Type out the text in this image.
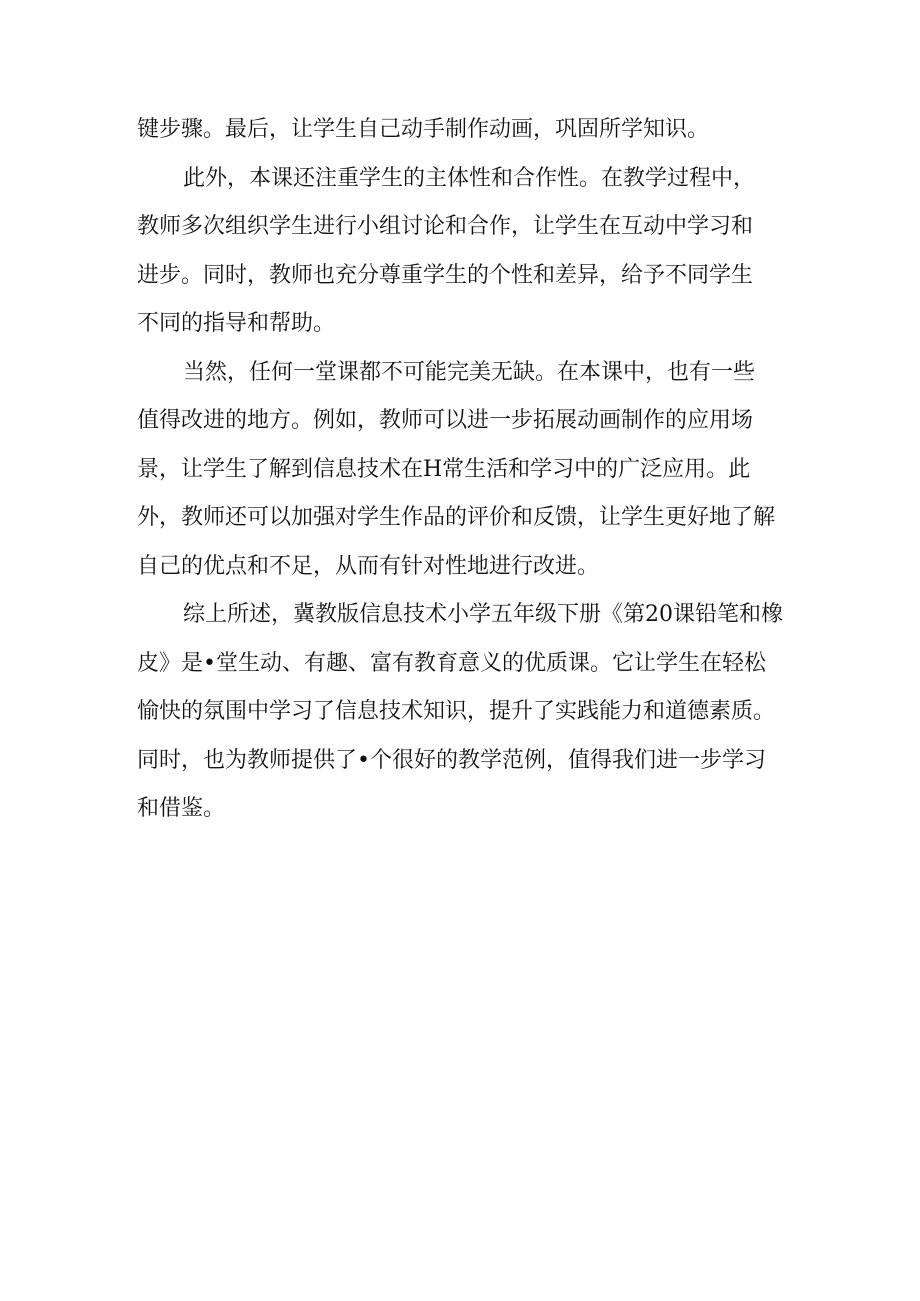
键步骤。最后，让学生自己动手制作动画，巩固所学知识。

此外，本课还注重学生的主体性和合作性。在教学过程中，
教师多次组织学生进行小组讨论和合作，让学生在互动中学习和
进步。同时，教师也充分尊重学生的个性和差异，给予不同学生
不同的指导和帮助。

当然，任何一堂课都不可能完美无缺。在本课中，也有一些
值得改进的地方。例如，教师可以进一步拓展动画制作的应用场
景，让学生了解到信息技术在H常生活和学习中的广泛应用。此
外，教师还可以加强对学生作品的评价和反馈，让学生更好地了解
自己的优点和不足，从而有针对性地进行改进。

综上所述，冀教版信息技术小学五年级下册《第20课铅笔和橡
皮》是•堂生动、有趣、富有教育意义的优质课。它让学生在轻松
愉快的氛围中学习了信息技术知识，提升了实践能力和道德素质。
同时，也为教师提供了•个很好的教学范例，值得我们进一步学习
和借鉴。
